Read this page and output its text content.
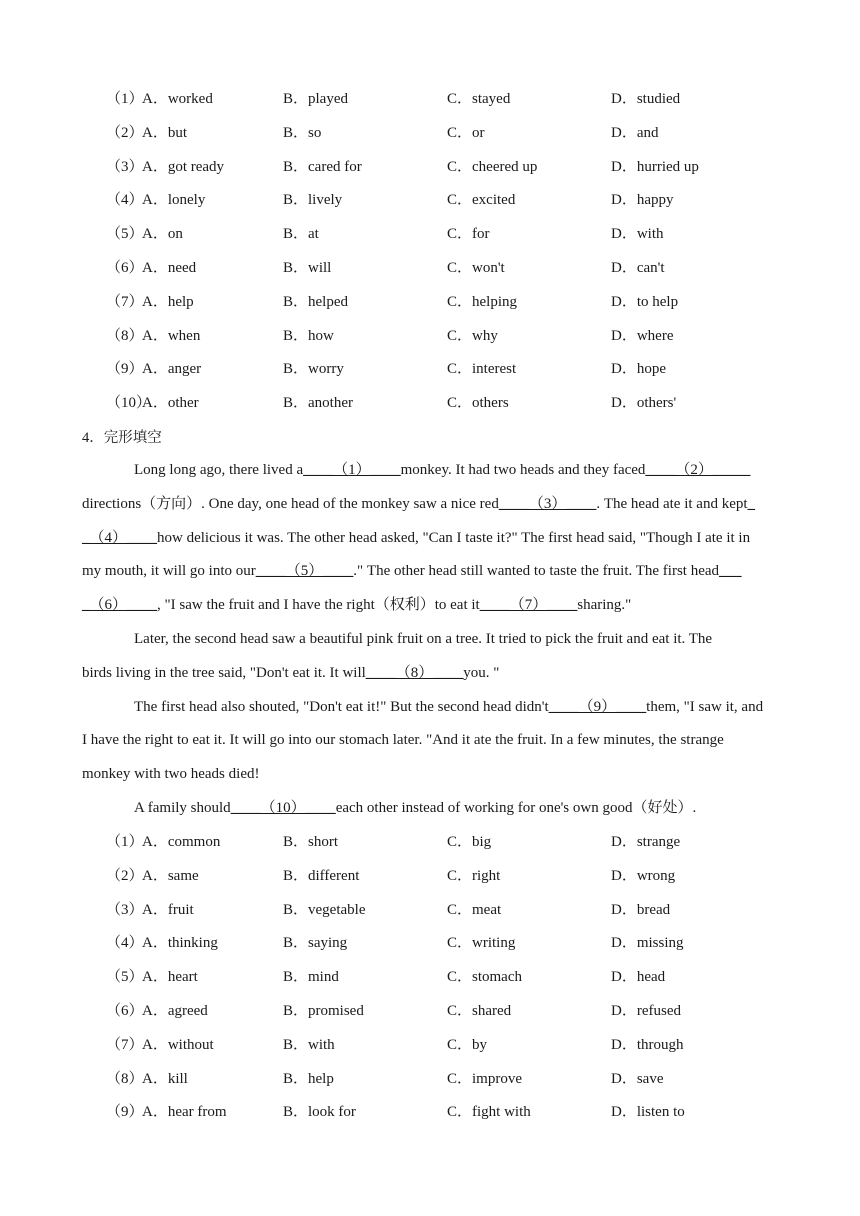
（1）
A．worked	B．played	C．stayed	D．studied
（2）
A．but	B．so	C．or	D．and
（3）
A．got ready	B．cared for	C．cheered up	D．hurried up
（4）
A．lonely	B．lively	C．excited	D．happy
（5）
A．on	B．at	C．for	D．with
（6）
A．need	B．will	C．won't	D．can't
（7）
A．help	B．helped	C．helping	D．to help
（8）
A．when	B．how	C．why	D．where
（9）
A．anger	B．worry	C．interest	D．hope
（10）
A．other	B．another	C．others	D．others'
4．完形填空
Long long ago, there lived a____（1）____monkey. It had two heads and they faced____（2）_____
directions（方向）. One day, one head of the monkey saw a nice red____（3）____. The head ate it and kept_
_（4）____how delicious it was. The other head asked, "Can I taste it?" The first head said, "Though I ate it in
my mouth, it will go into our____（5）____." The other head still wanted to taste the fruit. The first head___
_（6）____, "I saw the fruit and I have the right（权利）to eat it____（7）____sharing."
Later, the second head saw a beautiful pink fruit on a tree. It tried to pick the fruit and eat it. The
birds living in the tree said, "Don't eat it. It will____（8）____you. "
The first head also shouted, "Don't eat it!" But the second head didn't____（9）____them, "I saw it, and
I have the right to eat it. It will go into our stomach later. "And it ate the fruit. In a few minutes, the strange
monkey with two heads died!
A family should____（10）____each other instead of working for one's own good（好处）.
（1）
A．common	B．short	C．big	D．strange
（2）
A．same	B．different	C．right	D．wrong
（3）
A．fruit	B．vegetable	C．meat	D．bread
（4）
A．thinking	B．saying	C．writing	D．missing
（5）
A．heart	B．mind	C．stomach	D．head
（6）
A．agreed	B．promised	C．shared	D．refused
（7）
A．without	B．with	C．by	D．through
（8）
A．kill	B．help	C．improve	D．save
（9）
A．hear from	B．look for	C．fight with	D．listen to
